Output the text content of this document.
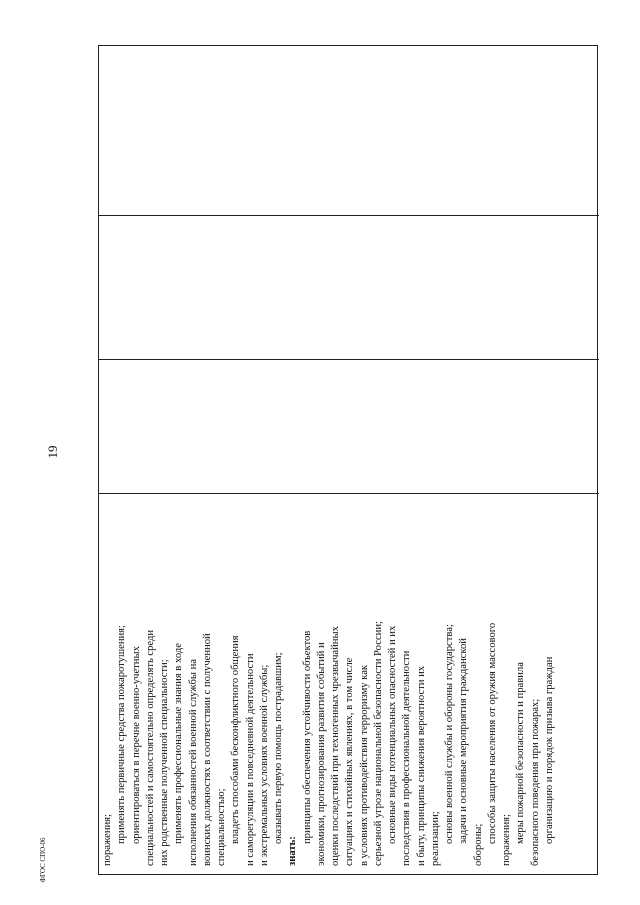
19
поражения; применять первичные средства пожаротушения; ориентироваться в перечне военно-учетных специальностей и самостоятельно определять среди них родственные полученной специальности; применять профессиональные знания в ходе исполнения обязанностей военной службы на воинских должностях в соответствии с полученной специальностью; владеть способами бесконфликтного общения и саморегуляции в повседневной деятельности и экстремальных условиях военной службы; оказывать первую помощь пострадавшим;
знать:
принципы обеспечения устойчивости объектов экономики, прогнозирования развития событий и оценки последствий при техногенных чрезвычайных ситуациях и стихийных явлениях, в том числе в условиях противодействия терроризму как серьезной угрозе национальной безопасности России; основные виды потенциальных опасностей и их последствия в профессиональной деятельности и быту, принципы снижения вероятности их реализации; основы военной службы и обороны государства; задачи и основные мероприятия гражданской
обороны;
способы защиты населения от оружия массового поражения; меры пожарной безопасности и правила безопасного поведения при пожарах; организацию и порядок призыва граждан
ФГОС СПО-06
